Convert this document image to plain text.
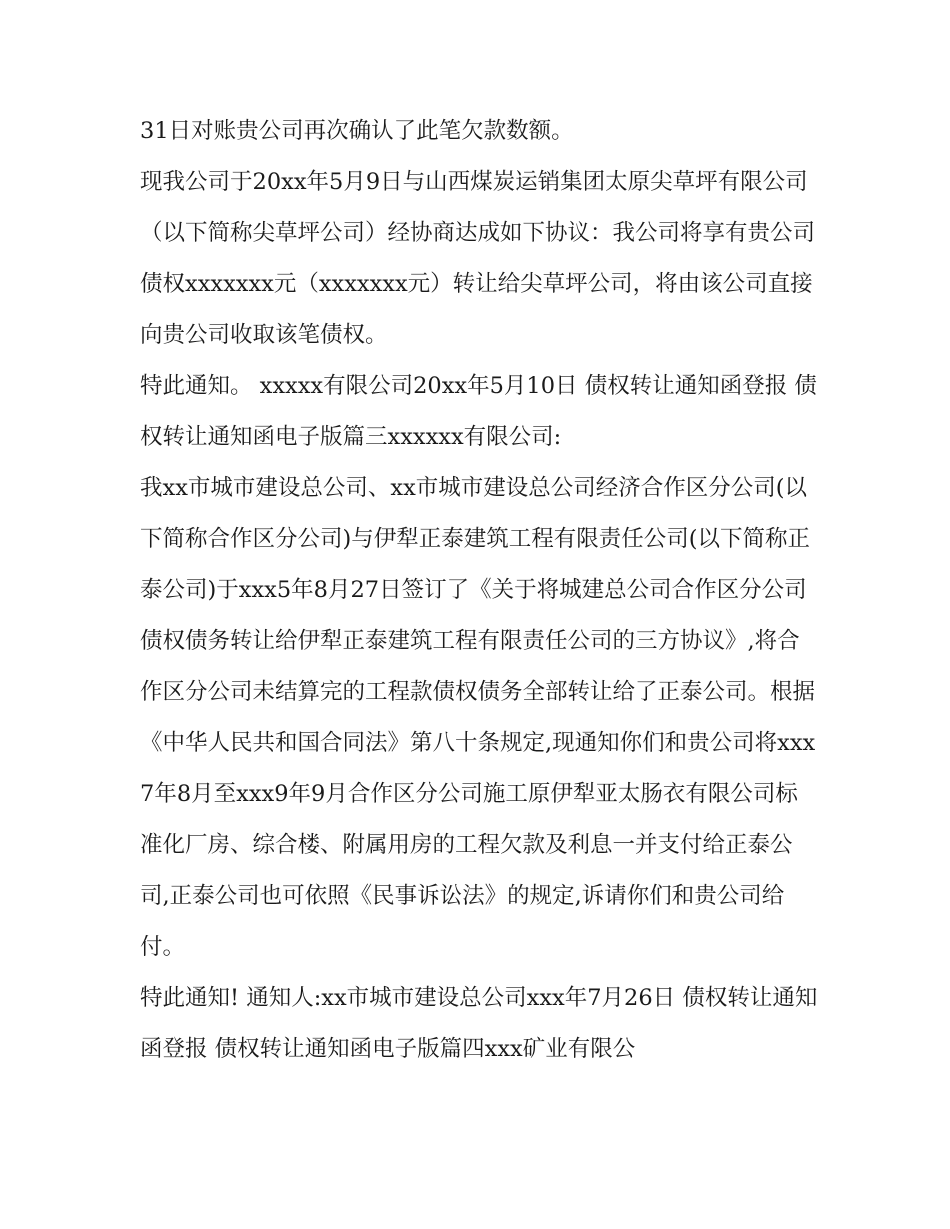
31日对账贵公司再次确认了此笔欠款数额。

现我公司于20xx年5月9日与山西煤炭运销集团太原尖草坪有限公司（以下简称尖草坪公司）经协商达成如下协议：我公司将享有贵公司债权xxxxxxx元（xxxxxxx元）转让给尖草坪公司，将由该公司直接向贵公司收取该笔债权。

特此通知。 xxxxx有限公司20xx年5月10日 债权转让通知函登报 债权转让通知函电子版篇三xxxxxx有限公司:

我xx市城市建设总公司、xx市城市建设总公司经济合作区分公司(以下简称合作区分公司)与伊犁正泰建筑工程有限责任公司(以下简称正泰公司)于xxx5年8月27日签订了《关于将城建总公司合作区分公司债权债务转让给伊犁正泰建筑工程有限责任公司的三方协议》,将合作区分公司未结算完的工程款债权债务全部转让给了正泰公司。根据《中华人民共和国合同法》第八十条规定,现通知你们和贵公司将xxx7年8月至xxx9年9月合作区分公司施工原伊犁亚太肠衣有限公司标准化厂房、综合楼、附属用房的工程欠款及利息一并支付给正泰公司,正泰公司也可依照《民事诉讼法》的规定,诉请你们和贵公司给付。

特此通知! 通知人:xx市城市建设总公司xxx年7月26日 债权转让通知函登报 债权转让通知函电子版篇四xxx矿业有限公
